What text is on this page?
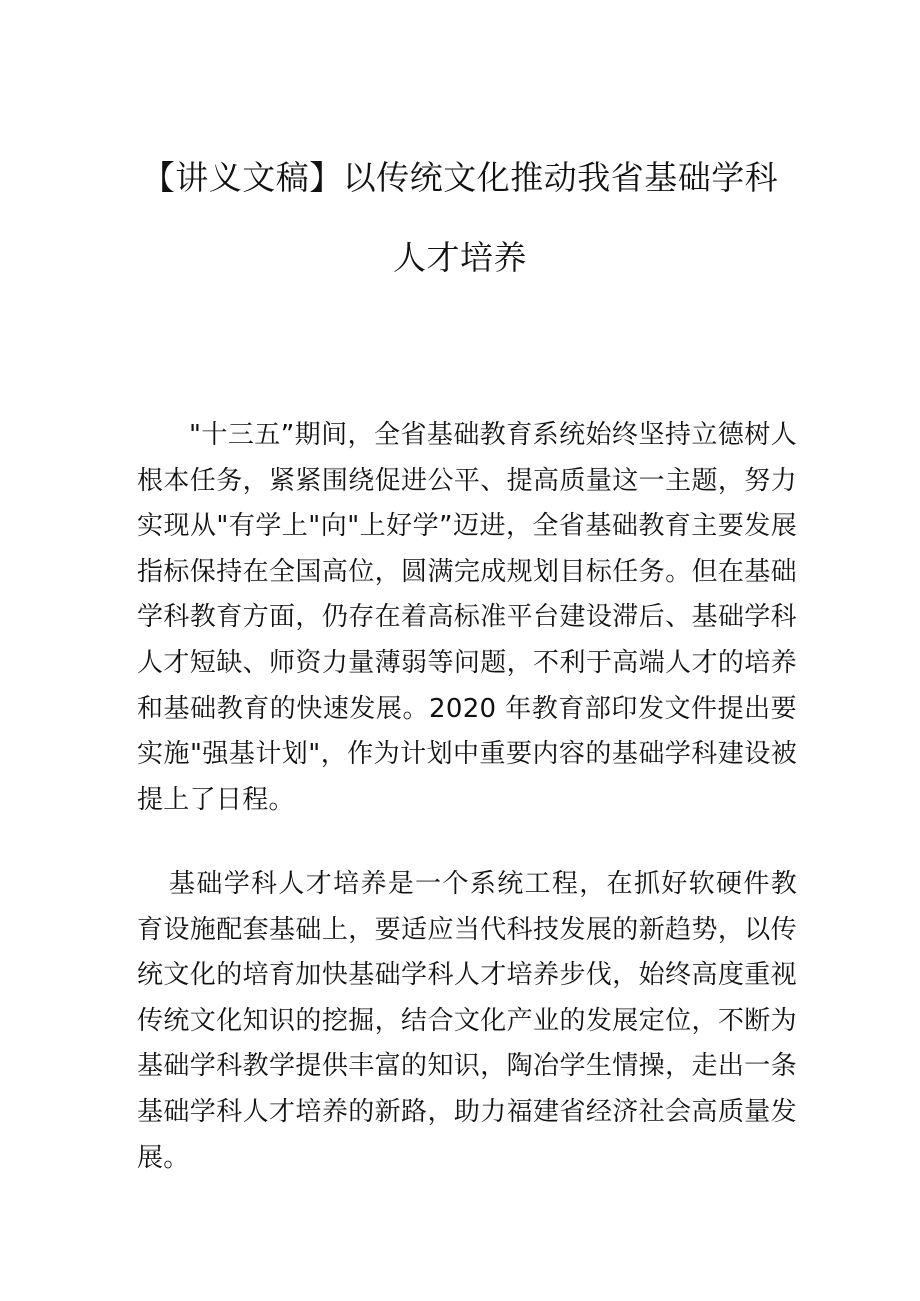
【讲义文稿】以传统文化推动我省基础学科
人才培养

"十三五”期间，全省基础教育系统始终坚持立德树人根本任务，紧紧围绕促进公平、提高质量这一主题，努力实现从"有学上"向"上好学”迈进，全省基础教育主要发展指标保持在全国高位，圆满完成规划目标任务。但在基础学科教育方面，仍存在着高标准平台建设滞后、基础学科人才短缺、师资力量薄弱等问题，不利于高端人才的培养和基础教育的快速发展。2020 年教育部印发文件提出要实施"强基计划"，作为计划中重要内容的基础学科建设被提上了日程。

基础学科人才培养是一个系统工程，在抓好软硬件教育设施配套基础上，要适应当代科技发展的新趋势，以传统文化的培育加快基础学科人才培养步伐，始终高度重视传统文化知识的挖掘，结合文化产业的发展定位，不断为基础学科教学提供丰富的知识，陶冶学生情操，走出一条基础学科人才培养的新路，助力福建省经济社会高质量发展。
